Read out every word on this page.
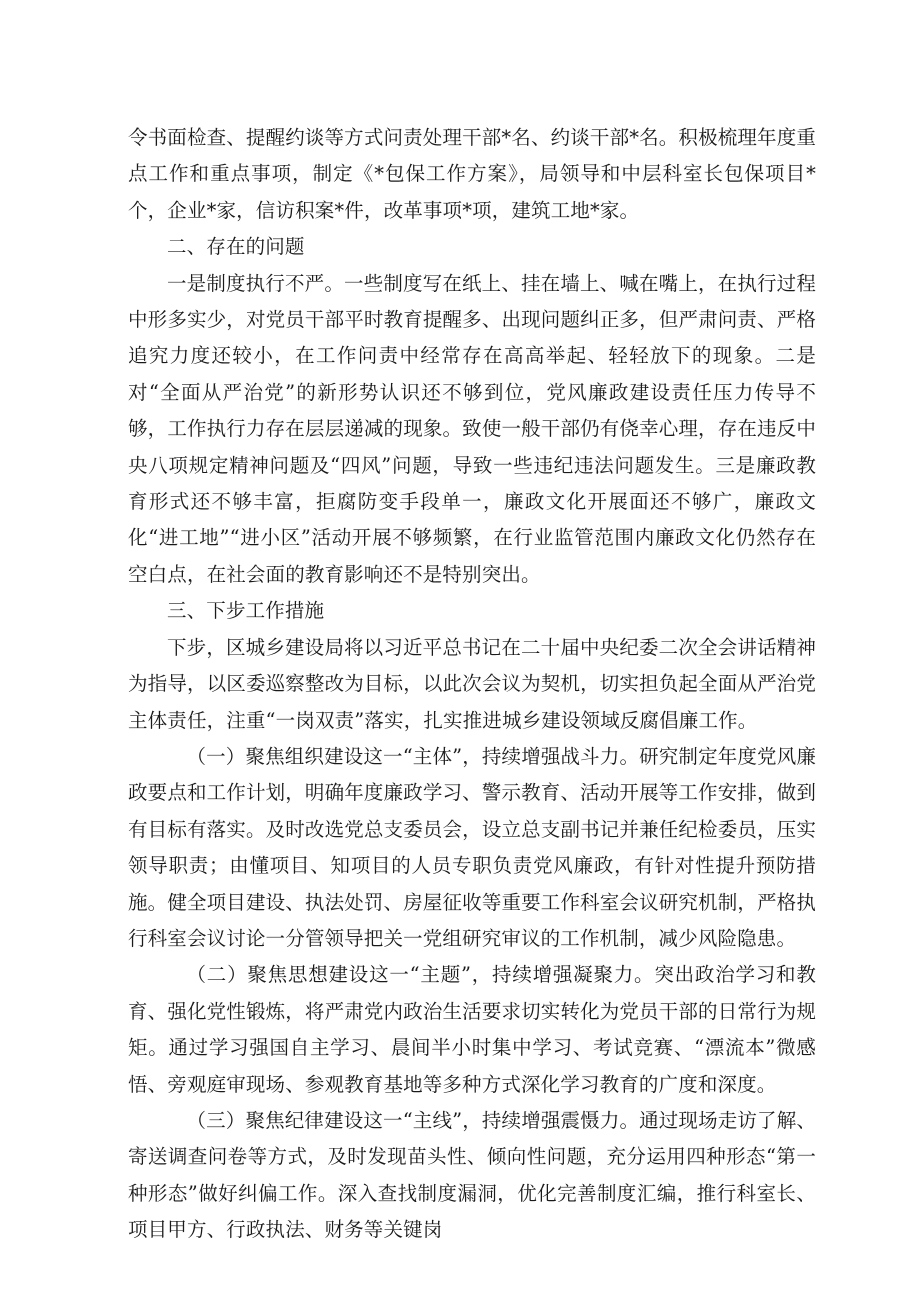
令书面检查、提醒约谈等方式问责处理干部*名、约谈干部*名。积极梳理年度重点工作和重点事项，制定《*包保工作方案》，局领导和中层科室长包保项目*个，企业*家，信访积案*件，改革事项*项，建筑工地*家。

二、存在的问题

一是制度执行不严。一些制度写在纸上、挂在墙上、喊在嘴上，在执行过程中形多实少，对党员干部平时教育提醒多、出现问题纠正多，但严肃问责、严格追究力度还较小，在工作问责中经常存在高高举起、轻轻放下的现象。二是对“全面从严治党”的新形势认识还不够到位，党风廉政建设责任压力传导不够，工作执行力存在层层递减的现象。致使一般干部仍有侥幸心理，存在违反中央八项规定精神问题及“四风”问题，导致一些违纪违法问题发生。三是廉政教育形式还不够丰富，拒腐防变手段单一，廉政文化开展面还不够广，廉政文化“进工地”“进小区”活动开展不够频繁，在行业监管范围内廉政文化仍然存在空白点，在社会面的教育影响还不是特别突出。

三、下步工作措施

下步，区城乡建设局将以习近平总书记在二十届中央纪委二次全会讲话精神为指导，以区委巡察整改为目标，以此次会议为契机，切实担负起全面从严治党主体责任，注重“一岗双责”落实，扎实推进城乡建设领域反腐倡廉工作。

（一）聚焦组织建设这一“主体”，持续增强战斗力。研究制定年度党风廉政要点和工作计划，明确年度廉政学习、警示教育、活动开展等工作安排，做到有目标有落实。及时改选党总支委员会，设立总支副书记并兼任纪检委员，压实领导职责；由懂项目、知项目的人员专职负责党风廉政，有针对性提升预防措施。健全项目建设、执法处罚、房屋征收等重要工作科室会议研究机制，严格执行科室会议讨论一分管领导把关一党组研究审议的工作机制，减少风险隐患。

（二）聚焦思想建设这一“主题”，持续增强凝聚力。突出政治学习和教育、强化党性锻炼，将严肃党内政治生活要求切实转化为党员干部的日常行为规矩。通过学习强国自主学习、晨间半小时集中学习、考试竞赛、“漂流本”微感悟、旁观庭审现场、参观教育基地等多种方式深化学习教育的广度和深度。

（三）聚焦纪律建设这一“主线”，持续增强震慑力。通过现场走访了解、寄送调查问卷等方式，及时发现苗头性、倾向性问题，充分运用四种形态“第一种形态”做好纠偏工作。深入查找制度漏洞，优化完善制度汇编，推行科室长、项目甲方、行政执法、财务等关键岗
